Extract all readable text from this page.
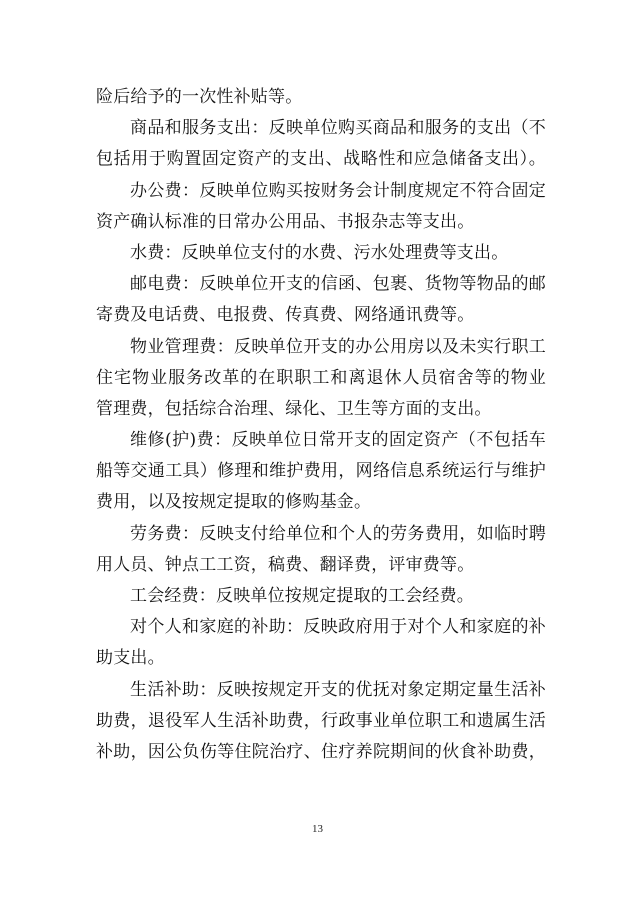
险后给予的一次性补贴等。
商品和服务支出：反映单位购买商品和服务的支出（不
包括用于购置固定资产的支出、战略性和应急储备支出）。
办公费：反映单位购买按财务会计制度规定不符合固定
资产确认标准的日常办公用品、书报杂志等支出。
水费：反映单位支付的水费、污水处理费等支出。
邮电费：反映单位开支的信函、包裹、货物等物品的邮
寄费及电话费、电报费、传真费、网络通讯费等。
物业管理费：反映单位开支的办公用房以及未实行职工
住宅物业服务改革的在职职工和离退休人员宿舍等的物业
管理费，包括综合治理、绿化、卫生等方面的支出。
维修(护)费：反映单位日常开支的固定资产（不包括车
船等交通工具）修理和维护费用，网络信息系统运行与维护
费用，以及按规定提取的修购基金。
劳务费：反映支付给单位和个人的劳务费用，如临时聘
用人员、钟点工工资，稿费、翻译费，评审费等。
工会经费：反映单位按规定提取的工会经费。
对个人和家庭的补助：反映政府用于对个人和家庭的补
助支出。
生活补助：反映按规定开支的优抚对象定期定量生活补
助费，退役军人生活补助费，行政事业单位职工和遗属生活
补助，因公负伤等住院治疗、住疗养院期间的伙食补助费，
13
